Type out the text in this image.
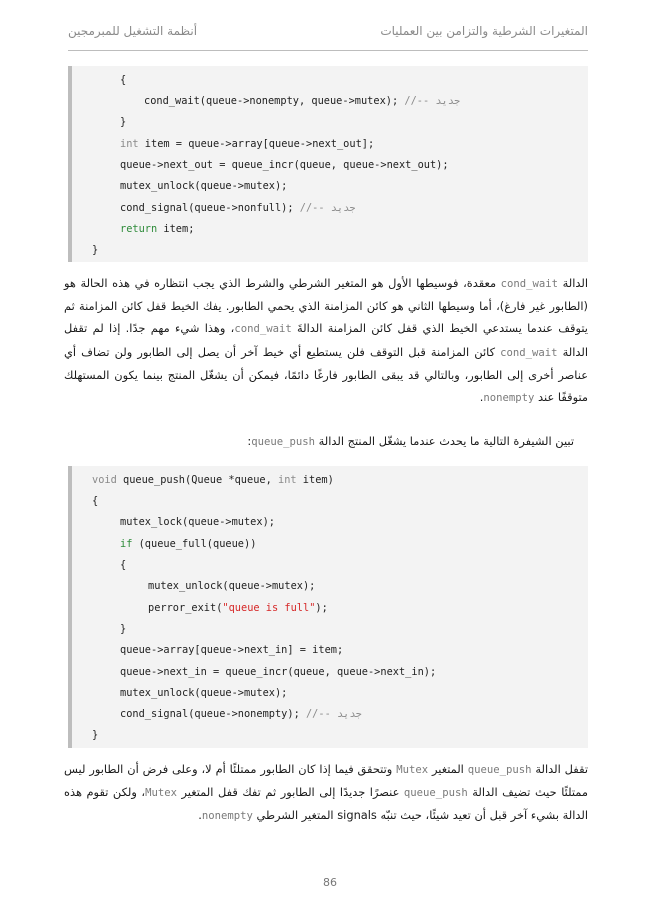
المتغيرات الشرطية والتزامن بين العمليات
أنظمة التشغيل للمبرمجين
{
cond_wait(queue->nonempty, queue->mutex); //-- جديد
}
int item = queue->array[queue->next_out];
queue->next_out = queue_incr(queue, queue->next_out);
mutex_unlock(queue->mutex);
cond_signal(queue->nonfull); //-- جديد
return item;
}
الدالة cond_wait معقدة، فوسيطها الأول هو المتغير الشرطي والشرط الذي يجب انتظاره في هذه الحالة هو (الطابور غير فارغ)، أما وسيطها الثاني هو كائن المزامنة الذي يحمي الطابور. يفك الخيط قفل كائن المزامنة ثم يتوقف عندما يستدعي الخيط الذي قفل كائن المزامنة الدالةَ cond_wait، وهذا شيء مهم جدًا. إذا لم تقفل الدالة cond_wait كائن المزامنة قبل التوقف فلن يستطيع أي خيط آخر أن يصل إلى الطابور ولن تضاف أي عناصر أخرى إلى الطابور، وبالتالي قد يبقى الطابور فارغًا دائمًا، فيمكن أن يشغّل المنتج بينما يكون المستهلك متوقفًا عند nonempty.
تبين الشيفرة التالية ما يحدث عندما يشغّل المنتج الدالة queue_push:
void queue_push(Queue *queue, int item)
{
mutex_lock(queue->mutex);
if (queue_full(queue))
{
mutex_unlock(queue->mutex);
perror_exit("queue is full");
}
queue->array[queue->next_in] = item;
queue->next_in = queue_incr(queue, queue->next_in);
mutex_unlock(queue->mutex);
cond_signal(queue->nonempty); //-- جديد
}
تقفل الدالة queue_push المتغير Mutex وتتحقق فيما إذا كان الطابور ممتلئًا أم لا، وعلى فرض أن الطابور ليس ممتلئًا حيث تضيف الدالة queue_push عنصرًا جديدًا إلى الطابور ثم تفك قفل المتغير Mutex، ولكن تقوم هذه الدالة بشيء آخر قبل أن تعيد شيئًا، حيث تنبّه signals المتغير الشرطي nonempty.
86
